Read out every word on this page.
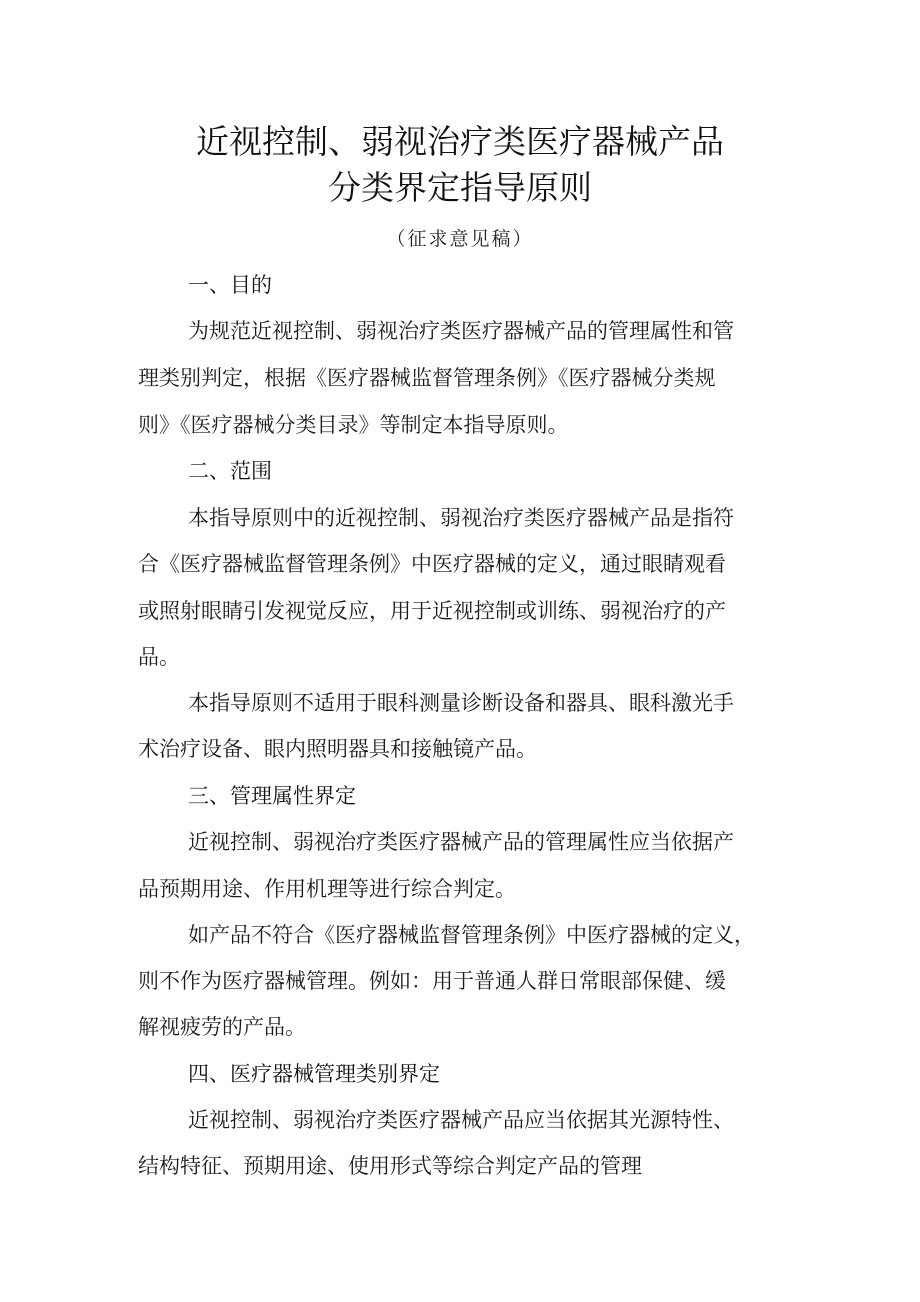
近视控制、弱视治疗类医疗器械产品
分类界定指导原则
（征求意见稿）
一、目的
为规范近视控制、弱视治疗类医疗器械产品的管理属性和管
理类别判定，根据《医疗器械监督管理条例》《医疗器械分类规
则》《医疗器械分类目录》等制定本指导原则。
二、范围
本指导原则中的近视控制、弱视治疗类医疗器械产品是指符
合《医疗器械监督管理条例》中医疗器械的定义，通过眼睛观看
或照射眼睛引发视觉反应，用于近视控制或训练、弱视治疗的产
品。
本指导原则不适用于眼科测量诊断设备和器具、眼科激光手
术治疗设备、眼内照明器具和接触镜产品。
三、管理属性界定
近视控制、弱视治疗类医疗器械产品的管理属性应当依据产
品预期用途、作用机理等进行综合判定。
如产品不符合《医疗器械监督管理条例》中医疗器械的定义，
则不作为医疗器械管理。例如：用于普通人群日常眼部保健、缓
解视疲劳的产品。
四、医疗器械管理类别界定
近视控制、弱视治疗类医疗器械产品应当依据其光源特性、
结构特征、预期用途、使用形式等综合判定产品的管理
